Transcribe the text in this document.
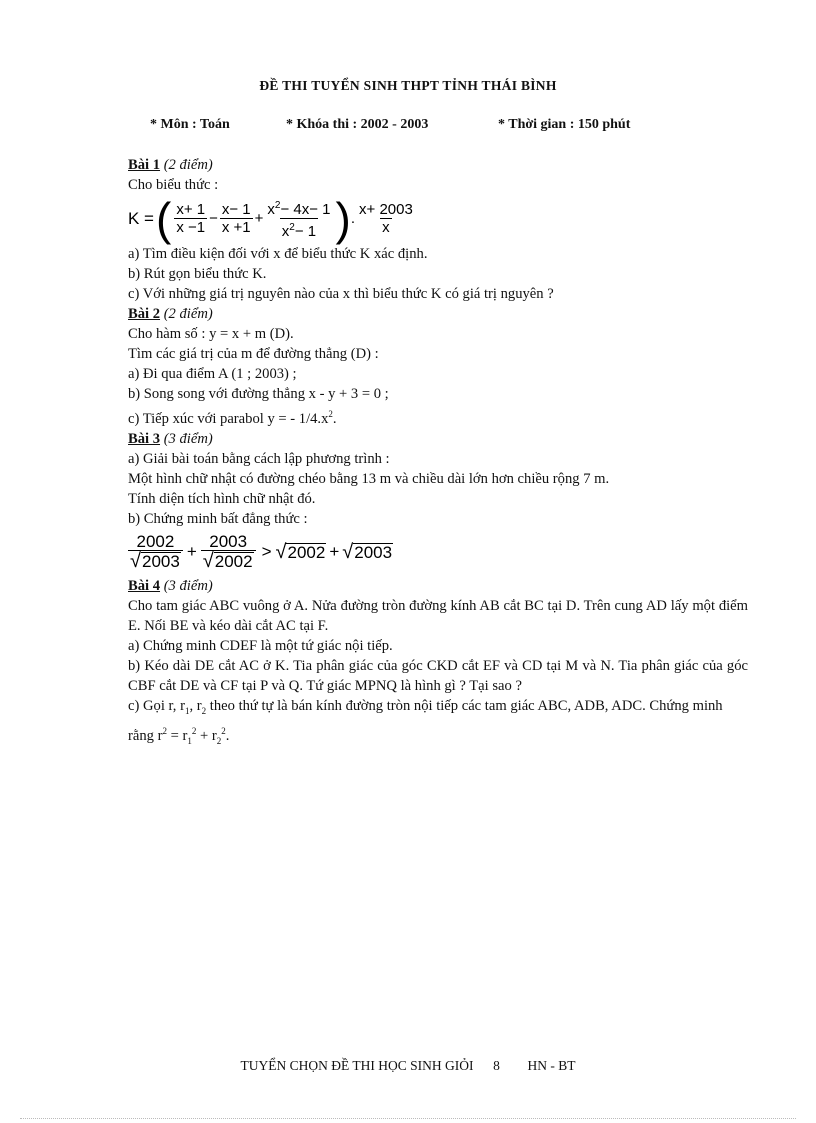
ĐỀ THI TUYỂN SINH THPT TỈNH THÁI BÌNH
* Môn : Toán	* Khóa thi : 2002 - 2003	* Thời gian : 150 phút

Bài 1 (2 điểm)

Cho biểu thức :

K = ( $\frac{x+ 1}{x -1} - \frac{x- 1}{x +1} + \frac{x^2- 4x- 1}{x^2- 1}$ ) . $\frac{x+ 2003}{x}$

a) Tìm điều kiện đối với x để biểu thức K xác định.

b) Rút gọn biểu thức K.

c) Với những giá trị nguyên nào của x thì biểu thức K có giá trị nguyên ?

Bài 2 (2 điểm)

Cho hàm số : y = x + m (D).

Tìm các giá trị của m để đường thẳng (D) :

a) Đi qua điểm A (1 ; 2003) ;

b) Song song với đường thẳng x - y + 3 = 0 ;

c) Tiếp xúc với parabol y = - $1/4.x^2$.

Bài 3 (3 điểm)

a) Giải bài toán bằng cách lập phương trình :

Một hình chữ nhật có đường chéo bằng 13 m và chiều dài lớn hơn chiều rộng 7 m.

Tính diện tích hình chữ nhật đó.

b) Chứng minh bất đẳng thức :

$\frac{2002}{√ 2003} + \frac{2003}{√ 2002}$ > √ 2002 + √ 2003

Bài 4 (3 điểm)

Cho tam giác ABC vuông ở A. Nửa đường tròn đường kính AB cắt BC tại D. Trên cung AD lấy một điểm E. Nối BE và kéo dài cắt AC tại F.

a) Chứng minh CDEF là một tứ giác nội tiếp.

b) Kéo dài DE cắt AC ở K. Tia phân giác của góc CKD cắt EF và CD tại M và N. Tia phân giác của góc CBF cắt DE và CF tại P và Q. Tứ giác MPNQ là hình gì ? Tại sao ?

c) Gọi r, $r_1$, $r_2$ theo thứ tự là bán kính đường tròn nội tiếp các tam giác ABC, ADB, ADC. Chứng minh rằng $r^2 = r_1^2 + r_2^2$.

TUYỂN CHỌN ĐỀ THI HỌC SINH GIỎI 8 HN - BT
